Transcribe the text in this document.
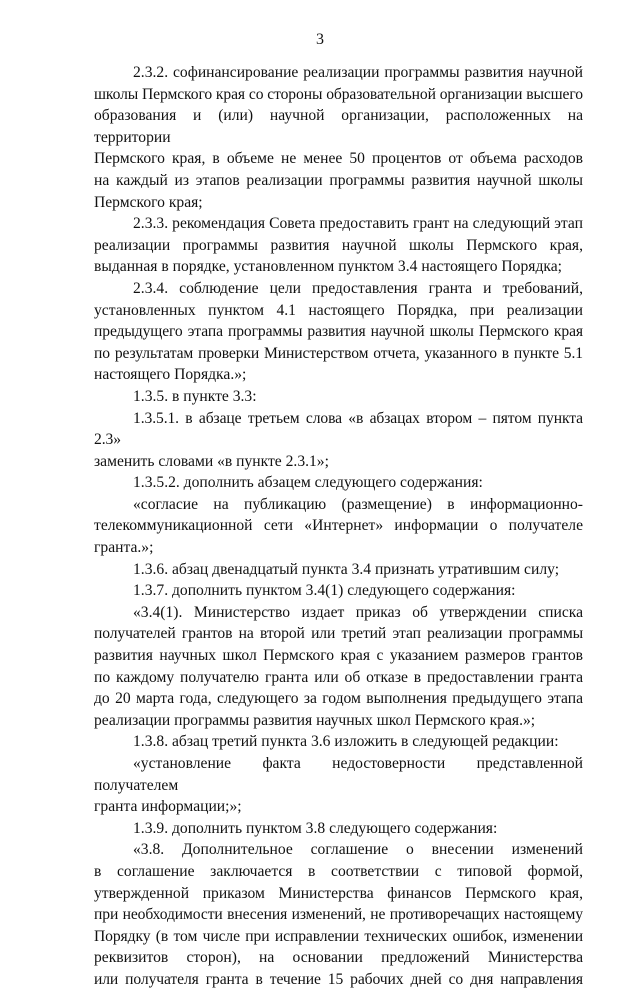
3
2.3.2. софинансирование реализации программы развития научной
школы Пермского края со стороны образовательной организации высшего
образования и (или) научной организации, расположенных на территории
Пермского края, в объеме не менее 50 процентов от объема расходов
на каждый из этапов реализации программы развития научной школы
Пермского края;
2.3.3. рекомендация Совета предоставить грант на следующий этап
реализации программы развития научной школы Пермского края,
выданная в порядке, установленном пунктом 3.4 настоящего Порядка;
2.3.4. соблюдение цели предоставления гранта и требований,
установленных пунктом 4.1 настоящего Порядка, при реализации
предыдущего этапа программы развития научной школы Пермского края
по результатам проверки Министерством отчета, указанного в пункте 5.1
настоящего Порядка.»;
1.3.5. в пункте 3.3:
1.3.5.1. в абзаце третьем слова «в абзацах втором – пятом пункта 2.3»
заменить словами «в пункте 2.3.1»;
1.3.5.2. дополнить абзацем следующего содержания:
«согласие на публикацию (размещение) в информационно-
телекоммуникационной сети «Интернет» информации о получателе
гранта.»;
1.3.6. абзац двенадцатый пункта 3.4 признать утратившим силу;
1.3.7. дополнить пунктом 3.4(1) следующего содержания:
«3.4(1). Министерство издает приказ об утверждении списка
получателей грантов на второй или третий этап реализации программы
развития научных школ Пермского края с указанием размеров грантов
по каждому получателю гранта или об отказе в предоставлении гранта
до 20 марта года, следующего за годом выполнения предыдущего этапа
реализации программы развития научных школ Пермского края.»;
1.3.8. абзац третий пункта 3.6 изложить в следующей редакции:
«установление факта недостоверности представленной получателем
гранта информации;»;
1.3.9. дополнить пунктом 3.8 следующего содержания:
«3.8. Дополнительное соглашение о внесении изменений
в соглашение заключается в соответствии с типовой формой,
утвержденной приказом Министерства финансов Пермского края,
при необходимости внесения изменений, не противоречащих настоящему
Порядку (в том числе при исправлении технических ошибок, изменении
реквизитов сторон), на основании предложений Министерства
или получателя гранта в течение 15 рабочих дней со дня направления
